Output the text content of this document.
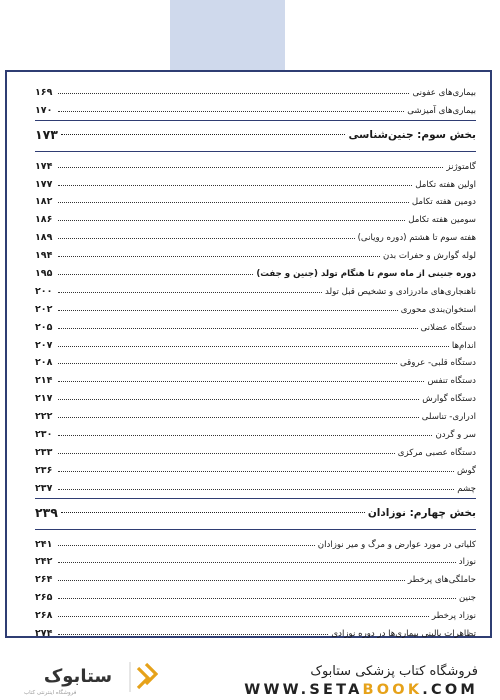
بیماری‌های عفونی
۱۶۹
بیماری‌های آمیزشی
۱۷۰
بخش سوم: جنین‌شناسی
۱۷۳
گامتوژنز
۱۷۴
اولین هفته تکامل
۱۷۷
دومین هفته تکامل
۱۸۲
سومین هفته تکامل
۱۸۶
هفته سوم تا هشتم (دوره رویانی)
۱۸۹
لوله گوارش و حفرات بدن
۱۹۴
دوره جنینی از ماه سوم تا هنگام تولد (جنین و جفت)
۱۹۵
ناهنجاری‌های مادرزادی و تشخیص قبل تولد
۲۰۰
استخوان‌بندی محوری
۲۰۲
دستگاه عضلانی
۲۰۵
اندام‌ها
۲۰۷
دستگاه قلبی- عروقی
۲۰۸
دستگاه تنفس
۲۱۴
دستگاه گوارش
۲۱۷
ادراری- تناسلی
۲۲۲
سر و گردن
۲۳۰
دستگاه عصبی مرکزی
۲۳۳
گوش
۲۳۶
چشم
۲۳۷
بخش چهارم: نوزادان
۲۳۹
کلیاتی در مورد عوارض و مرگ و میر نوزادان
۲۴۱
نوزاد
۲۴۲
حاملگی‌های پرخطر
۲۶۴
جنین
۲۶۵
نوزاد پرخطر
۲۶۸
تظاهرات بالینی بیماری‌ها در دوره نوزادی
۲۷۴
ستابوک
فروشگاه اینترنتی کتاب
فروشگاه کتاب پزشکی ستابوک
WWW.SETABOOK.COM
